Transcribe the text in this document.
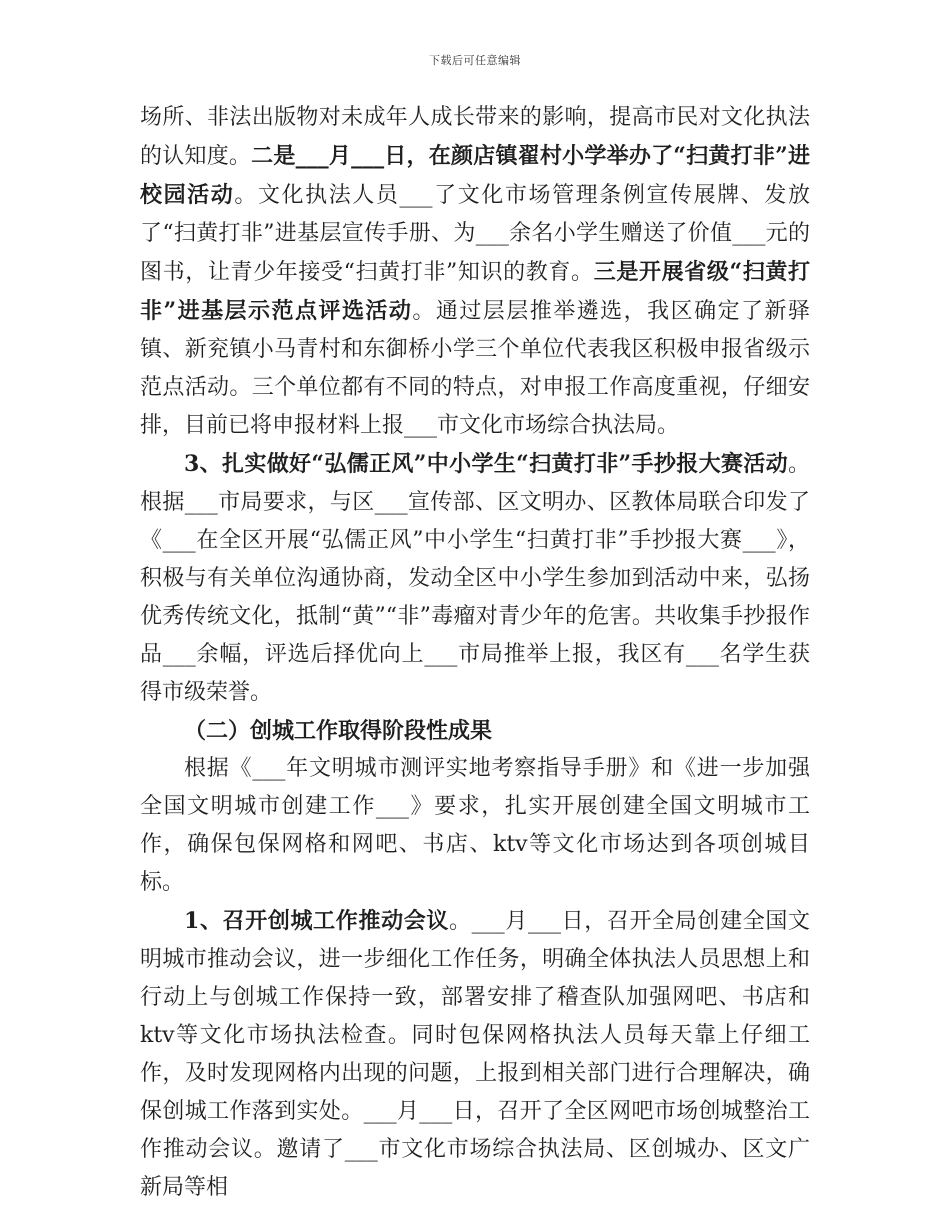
下载后可任意编辑

场所、非法出版物对未成年人成长带来的影响，提高市民对文化执法的认知度。二是___月___日，在颜店镇翟村小学举办了“扫黄打非”进校园活动。文化执法人员___了文化市场管理条例宣传展牌、发放了“扫黄打非”进基层宣传手册、为___余名小学生赠送了价值___元的图书，让青少年接受“扫黄打非”知识的教育。三是开展省级“扫黄打非”进基层示范点评选活动。通过层层推举遴选，我区确定了新驿镇、新兖镇小马青村和东御桥小学三个单位代表我区积极申报省级示范点活动。三个单位都有不同的特点，对申报工作高度重视，仔细安排，目前已将申报材料上报___市文化市场综合执法局。

3、扎实做好“弘儒正风”中小学生“扫黄打非”手抄报大赛活动。根据___市局要求，与区___宣传部、区文明办、区教体局联合印发了《___在全区开展“弘儒正风”中小学生“扫黄打非”手抄报大赛___》，积极与有关单位沟通协商，发动全区中小学生参加到活动中来，弘扬优秀传统文化，抵制“黄”“非”毒瘤对青少年的危害。共收集手抄报作品___余幅，评选后择优向上___市局推举上报，我区有___名学生获得市级荣誉。

（二）创城工作取得阶段性成果

根据《___年文明城市测评实地考察指导手册》和《进一步加强全国文明城市创建工作___》要求，扎实开展创建全国文明城市工作，确保包保网格和网吧、书店、ktv等文化市场达到各项创城目标。

1、召开创城工作推动会议。___月___日，召开全局创建全国文明城市推动会议，进一步细化工作任务，明确全体执法人员思想上和行动上与创城工作保持一致，部署安排了稽查队加强网吧、书店和ktv等文化市场执法检查。同时包保网格执法人员每天靠上仔细工作，及时发现网格内出现的问题，上报到相关部门进行合理解决，确保创城工作落到实处。___月___日，召开了全区网吧市场创城整治工作推动会议。邀请了___市文化市场综合执法局、区创城办、区文广新局等相
